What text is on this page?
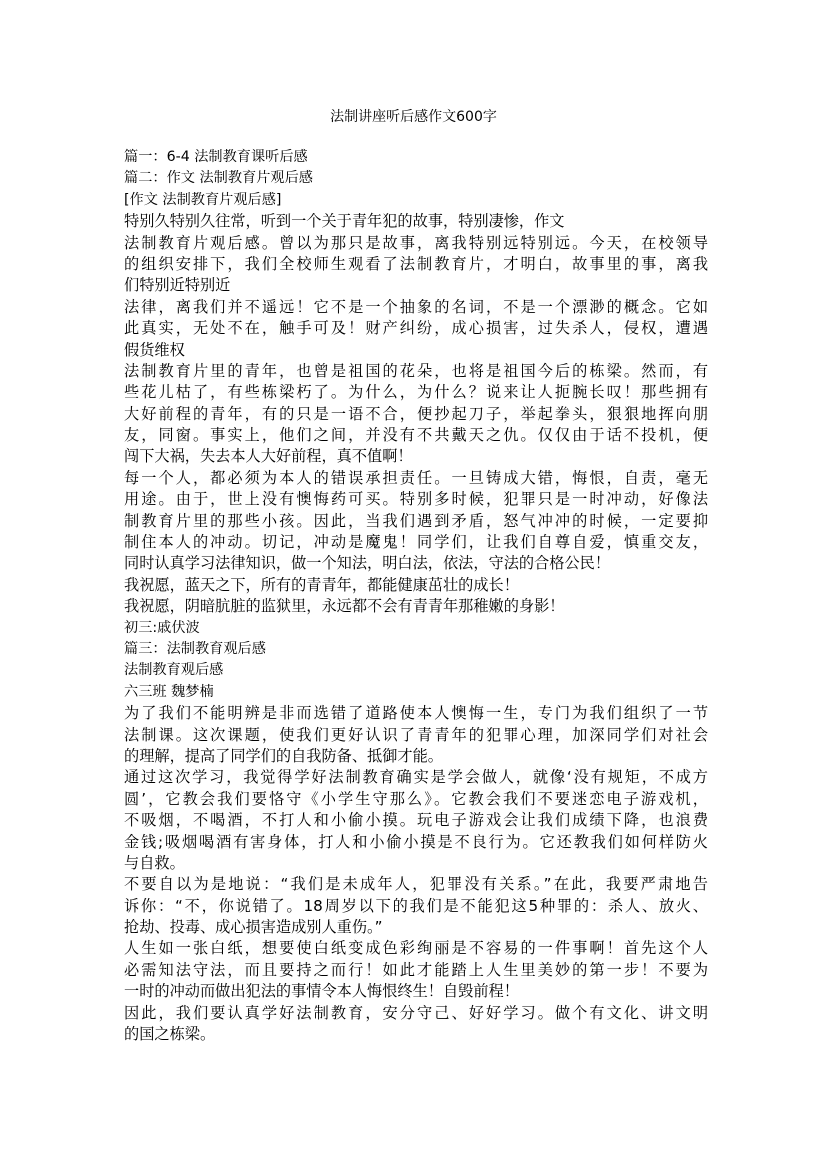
法制讲座听后感作文600字

篇一：6-4 法制教育课听后感

篇二：作文 法制教育片观后感

[作文 法制教育片观后感]

特别久特别久往常，听到一个关于青年犯的故事，特别凄惨，作文

法制教育片观后感。曾以为那只是故事，离我特别远特别远。今天，在校领导

的组织安排下，我们全校师生观看了法制教育片，才明白，故事里的事，离我

们特别近特别近

法律，离我们并不遥远！它不是一个抽象的名词，不是一个漂渺的概念。它如

此真实，无处不在，触手可及！财产纠纷，成心损害，过失杀人，侵权，遭遇

假货维权

法制教育片里的青年，也曾是祖国的花朵，也将是祖国今后的栋梁。然而，有

些花儿枯了，有些栋梁朽了。为什么，为什么？说来让人扼腕长叹！那些拥有

大好前程的青年，有的只是一语不合，便抄起刀子，举起拳头，狠狠地挥向朋

友，同窗。事实上，他们之间，并没有不共戴天之仇。仅仅由于话不投机，便

闯下大祸，失去本人大好前程，真不值啊！

每一个人，都必须为本人的错误承担责任。一旦铸成大错，悔恨，自责，毫无

用途。由于，世上没有懊悔药可买。特别多时候，犯罪只是一时冲动，好像法

制教育片里的那些小孩。因此，当我们遇到矛盾，怒气冲冲的时候，一定要抑

制住本人的冲动。切记，冲动是魔鬼！同学们，让我们自尊自爱，慎重交友，

同时认真学习法律知识，做一个知法，明白法，依法，守法的合格公民！

我祝愿，蓝天之下，所有的青青年，都能健康茁壮的成长！

我祝愿，阴暗肮脏的监狱里，永远都不会有青青年那稚嫩的身影！

初三:戚伏波

篇三：法制教育观后感

法制教育观后感

六三班 魏梦楠

为了我们不能明辨是非而选错了道路使本人懊悔一生，专门为我们组织了一节

法制课。这次课题，使我们更好认识了青青年的犯罪心理，加深同学们对社会

的理解，提高了同学们的自我防备、抵御才能。

通过这次学习，我觉得学好法制教育确实是学会做人，就像‘没有规矩，不成方

圆’，它教会我们要恪守《小学生守那么》。它教会我们不要迷恋电子游戏机，

不吸烟，不喝酒，不打人和小偷小摸。玩电子游戏会让我们成绩下降，也浪费

金钱;吸烟喝酒有害身体，打人和小偷小摸是不良行为。它还教我们如何样防火

与自救。

不要自以为是地说：“我们是未成年人，犯罪没有关系。”在此，我要严肃地告

诉你：“不，你说错了。18周岁以下的我们是不能犯这5种罪的：杀人、放火、

抢劫、投毒、成心损害造成别人重伤。”

人生如一张白纸，想要使白纸变成色彩绚丽是不容易的一件事啊！首先这个人

必需知法守法，而且要持之而行！如此才能踏上人生里美妙的第一步！不要为

一时的冲动而做出犯法的事情令本人悔恨终生！自毁前程！

因此，我们要认真学好法制教育，安分守己、好好学习。做个有文化、讲文明

的国之栋梁。
